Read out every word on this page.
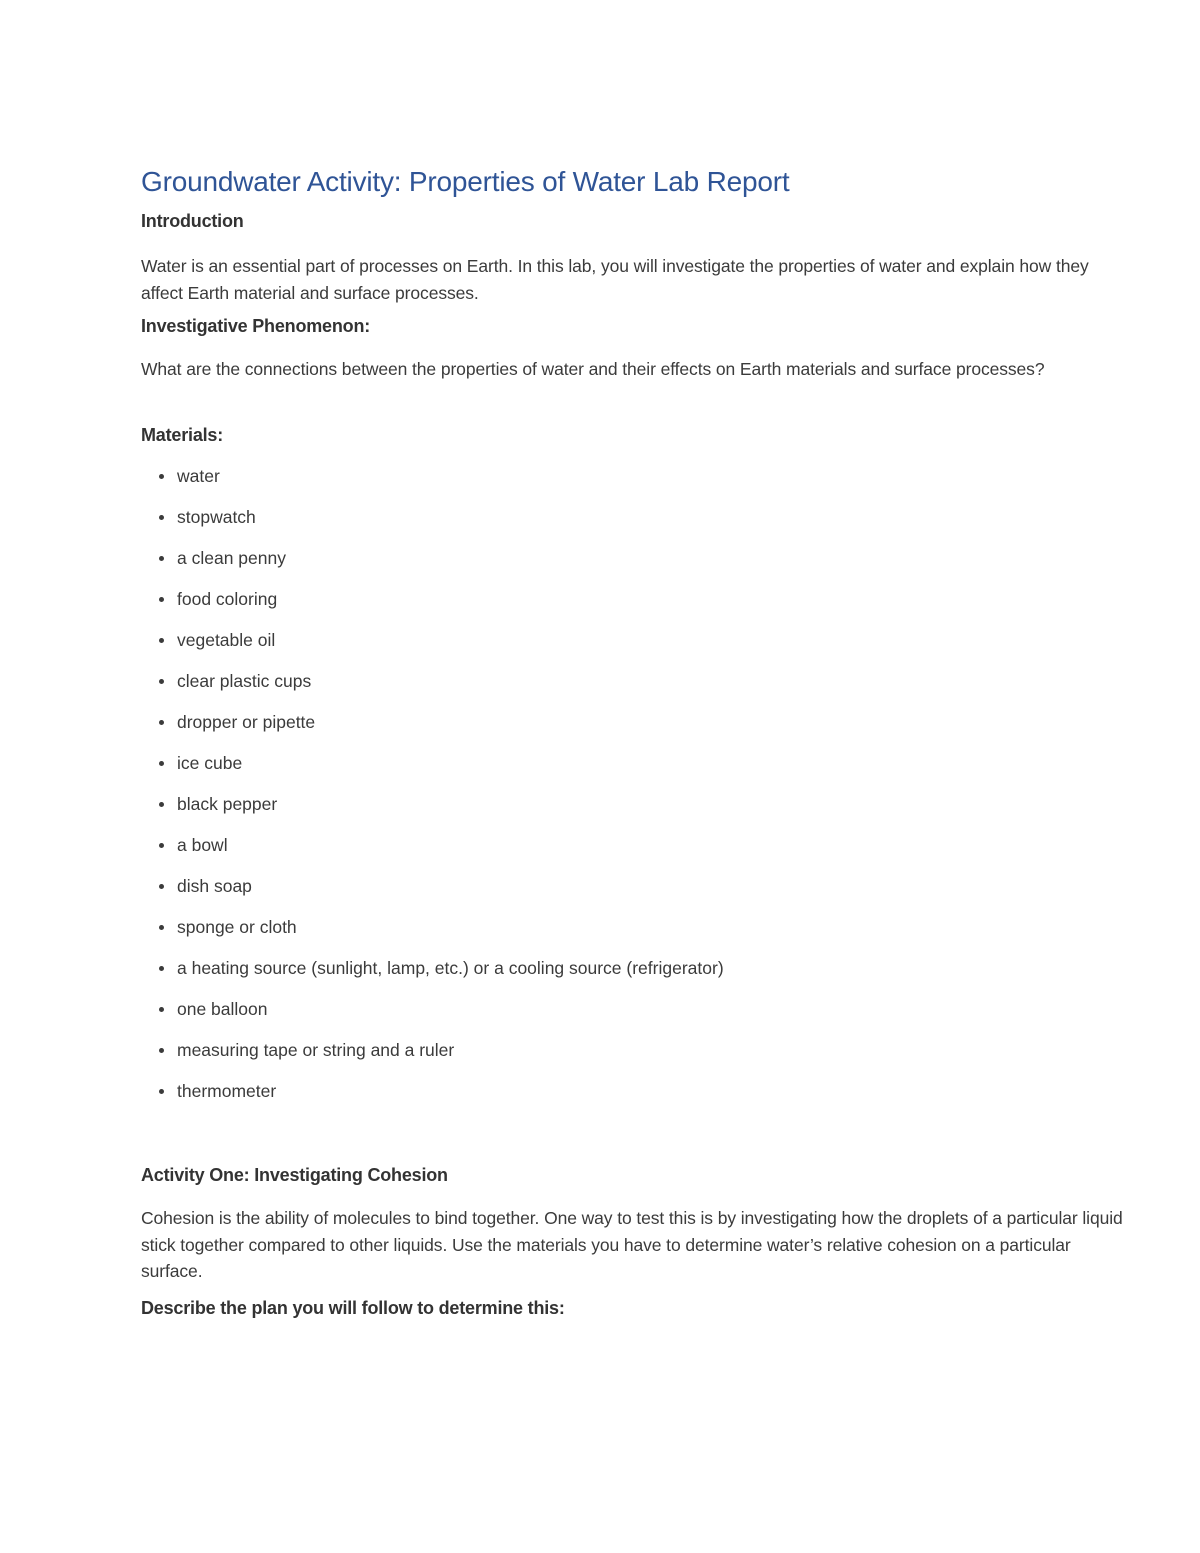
Groundwater Activity: Properties of Water Lab Report
Introduction

Water is an essential part of processes on Earth. In this lab, you will investigate the properties of water and explain how they affect Earth material and surface processes.

Investigative Phenomenon:

What are the connections between the properties of water and their effects on Earth materials and surface processes?

Materials:
water
stopwatch
a clean penny
food coloring
vegetable oil
clear plastic cups
dropper or pipette
ice cube
black pepper
a bowl
dish soap
sponge or cloth
a heating source (sunlight, lamp, etc.) or a cooling source (refrigerator)
one balloon
measuring tape or string and a ruler
thermometer
Activity One: Investigating Cohesion

Cohesion is the ability of molecules to bind together. One way to test this is by investigating how the droplets of a particular liquid stick together compared to other liquids. Use the materials you have to determine water’s relative cohesion on a particular surface.

Describe the plan you will follow to determine this:
